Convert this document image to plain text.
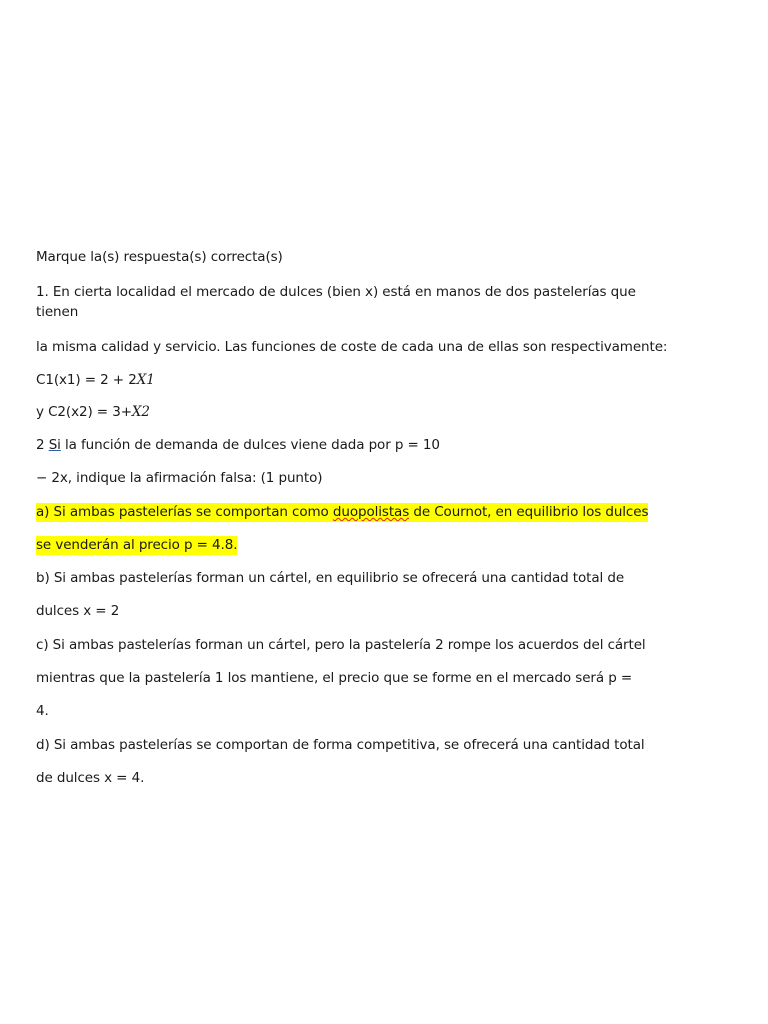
Marque la(s) respuesta(s) correcta(s)
1. En cierta localidad el mercado de dulces (bien x) está en manos de dos pastelerías que
tienen
la misma calidad y servicio. Las funciones de coste de cada una de ellas son respectivamente:
C1(x1) = 2 + 2X1
y C2(x2) = 3+X2
2 Si la función de demanda de dulces viene dada por p = 10
− 2x, indique la afirmación falsa: (1 punto)
a) Si ambas pastelerías se comportan como duopolistas de Cournot, en equilibrio los dulces
se venderán al precio p = 4.8.
b) Si ambas pastelerías forman un cártel, en equilibrio se ofrecerá una cantidad total de
dulces x = 2
c) Si ambas pastelerías forman un cártel, pero la pastelería 2 rompe los acuerdos del cártel
mientras que la pastelería 1 los mantiene, el precio que se forme en el mercado será p =
4.
d) Si ambas pastelerías se comportan de forma competitiva, se ofrecerá una cantidad total
de dulces x = 4.
